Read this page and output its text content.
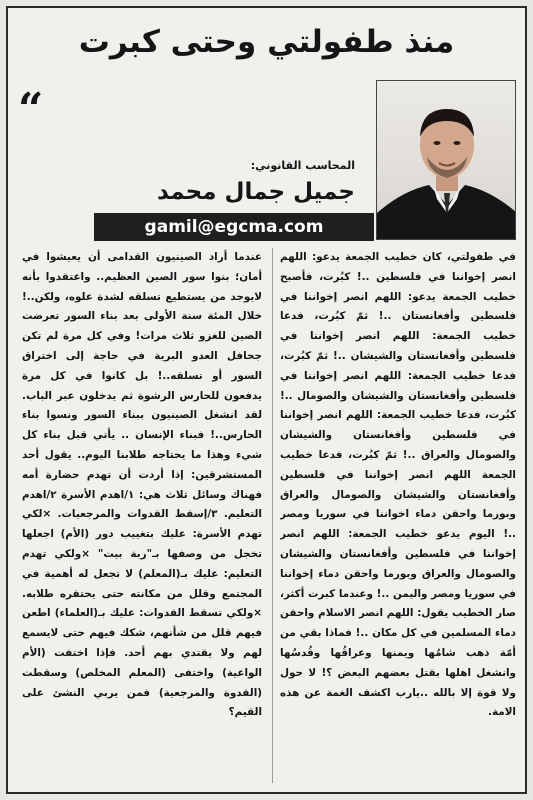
منذ طفولتي وحتى كبرت
“
المحاسب القانوني:
جميل جمال محمد
gamil@egcma.com
في طفولتي، كان خطيب الجمعة يدعو: اللهم انصر إخواننا في فلسطين ..! كبُرت، فأصبح خطيب الجمعة يدعو: اللهم انصر إخواننا في فلسطين وأفغانستان ..! ثمّ كبُرت، فدعا خطيب الجمعة: اللهم انصر إخواننا في فلسطين وأفغانستان والشيشان ..! ثمّ كبُرت، فدعا خطيب الجمعة: اللهم انصر إخواننا في فلسطين وأفغانستان والشيشان والصومال ..! كبُرت، فدعا خطيب الجمعة: اللهم انصر إخواننا في فلسطين وأفغانستان والشيشان والصومال والعراق ..! ثمّ كبُرت، فدعا خطيب الجمعة اللهم انصر إخواننا في فلسطين وأفغانستان والشيشان والصومال والعراق وبورما واحقن دماء اخواننا في سوريا ومصر ..! اليوم يدعو خطيب الجمعة: اللهم انصر إخواننا في فلسطين وأفغانستان والشيشان والصومال والعراق وبورما واحقن دماء إخواننا في سوريا ومصر واليمن ..! وعندما كبرت أكثر، صار الخطيب يقول: اللهم انصر الاسلام واحقن دماء المسلمين في كل مكان ..! فماذا بقي من أمّة ذهب شامُها ويمنها وعراقُها وقُدسُها وانشغل اهلها بقتل بعضهم البعض ؟! لا حول ولا قوة إلا بالله ..يارب اكشف الغمة عن هذه الامة.
عندما أراد الصينيون القدامى أن يعيشوا في أمان؛ بنوا سور الصين العظيم.. واعتقدوا بأنه لايوجد من يستطيع تسلقه لشدة علوه، ولكن..! خلال المئة سنة الأولى بعد بناء السور تعرضت الصين للغزو ثلاث مرات! وفي كل مرة لم تكن جحافل العدو البرية في حاجة إلى اختراق السور أو تسلقه..! بل كانوا في كل مرة يدفعون للحارس الرشوة ثم يدخلون عبر الباب. لقد انشغل الصينيون ببناء السور ونسوا بناء الحارس..! فبناء الإنسان .. يأتي قبل بناء كل شيء وهذا ما يحتاجه طلابنا اليوم.. يقول أحد المستشرقين: إذا أردت أن تهدم حضارة أمه فهناك وسائل ثلاث هي: ١/اهدم الأسرة ٢/اهدم التعليم. ٣/إسقط القدوات والمرجعيات. ×لكي تهدم الأسرة: عليك بتغييب دور (الأم) اجعلها تخجل من وصفها بـ"ربة بيت" ×ولكي تهدم التعليم: عليك بـ(المعلم) لا تجعل له أهمية في المجتمع وقلل من مكانته حتى يحتقره طلابه. ×ولكي تسقط القدوات: عليك بـ(العلماء) اطعن فيهم قلل من شأنهم، شكك فيهم حتى لايسمع لهم ولا يقتدي بهم أحد. فإذا اختفت (الأم الواعية) واختفى (المعلم المخلص) وسقطت (القدوة والمرجعية) فمن يربي النشئ على القيم؟
